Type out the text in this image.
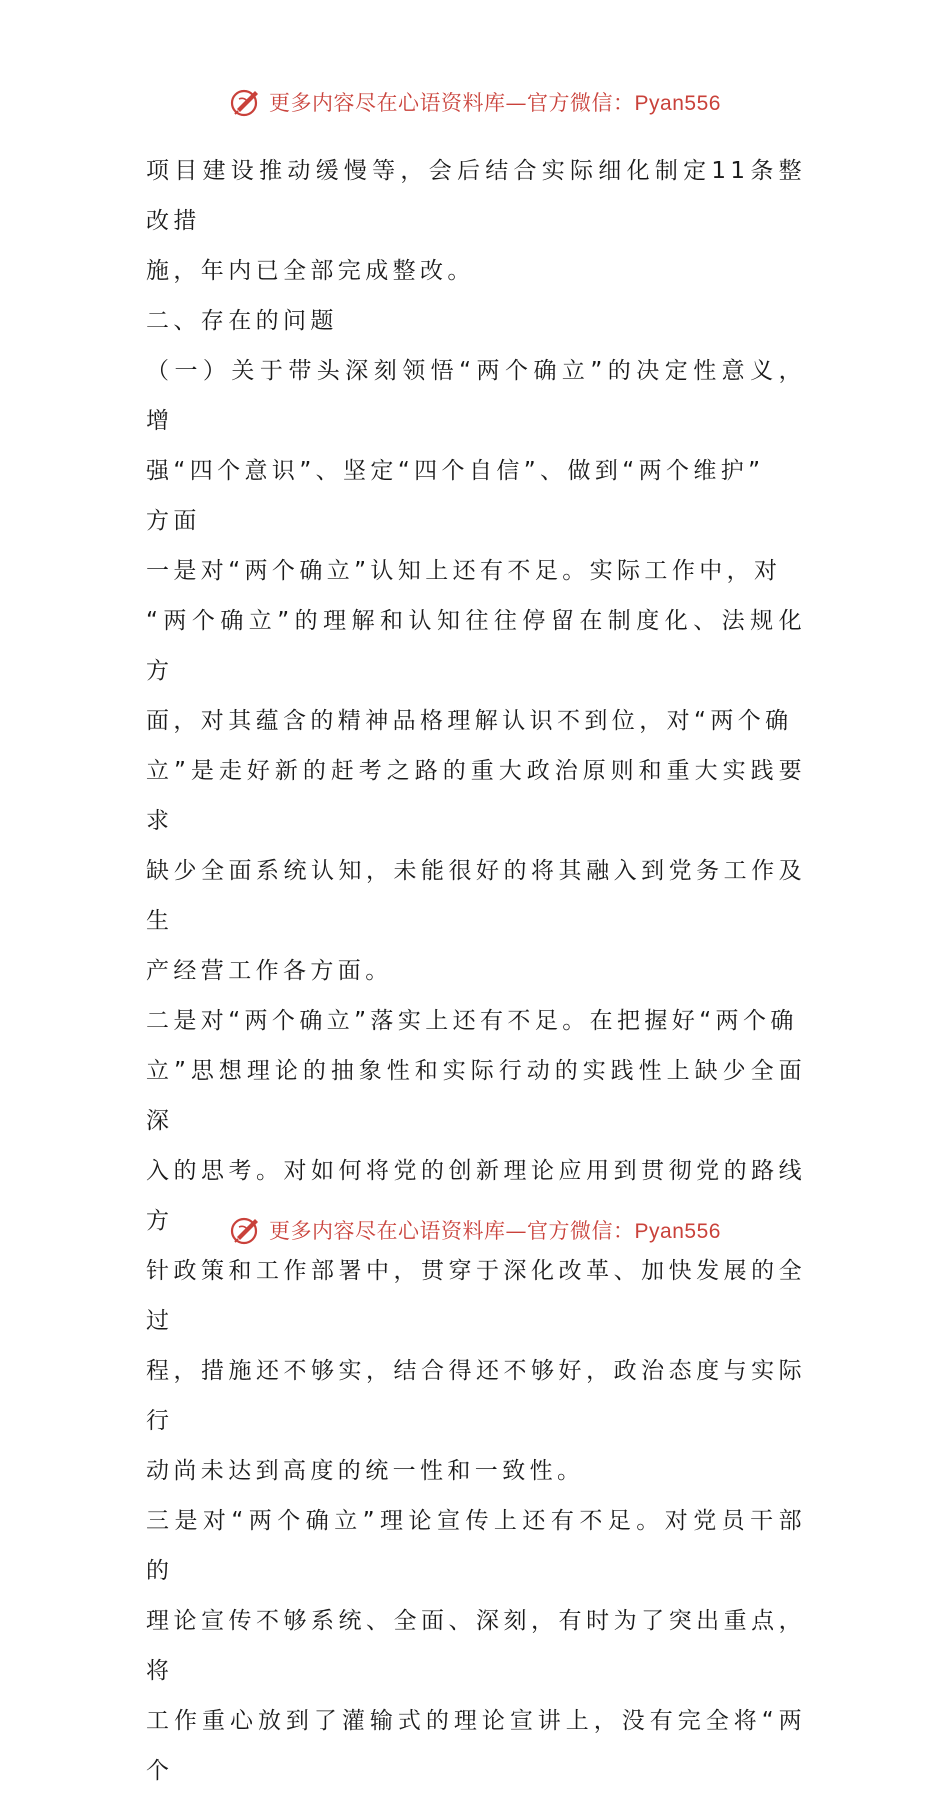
更多内容尽在心语资料库—官方微信：Pyan556

项目建设推动缓慢等，会后结合实际细化制定11条整改措

施，年内已全部完成整改。

二、存在的问题

（一）关于带头深刻领悟“两个确立”的决定性意义，增

强“四个意识”、坚定“四个自信”、做到“两个维护”

方面

一是对“两个确立”认知上还有不足。实际工作中，对

“两个确立”的理解和认知往往停留在制度化、法规化方

面，对其蕴含的精神品格理解认识不到位，对“两个确

立”是走好新的赶考之路的重大政治原则和重大实践要求

缺少全面系统认知，未能很好的将其融入到党务工作及生

产经营工作各方面。

二是对“两个确立”落实上还有不足。在把握好“两个确

立”思想理论的抽象性和实际行动的实践性上缺少全面深

入的思考。对如何将党的创新理论应用到贯彻党的路线方

针政策和工作部署中，贯穿于深化改革、加快发展的全过

程，措施还不够实，结合得还不够好，政治态度与实际行

动尚未达到高度的统一性和一致性。

三是对“两个确立”理论宣传上还有不足。对党员干部的

理论宣传不够系统、全面、深刻，有时为了突出重点，将

工作重心放到了灌输式的理论宣讲上，没有完全将“两个

更多内容尽在心语资料库—官方微信：Pyan556
